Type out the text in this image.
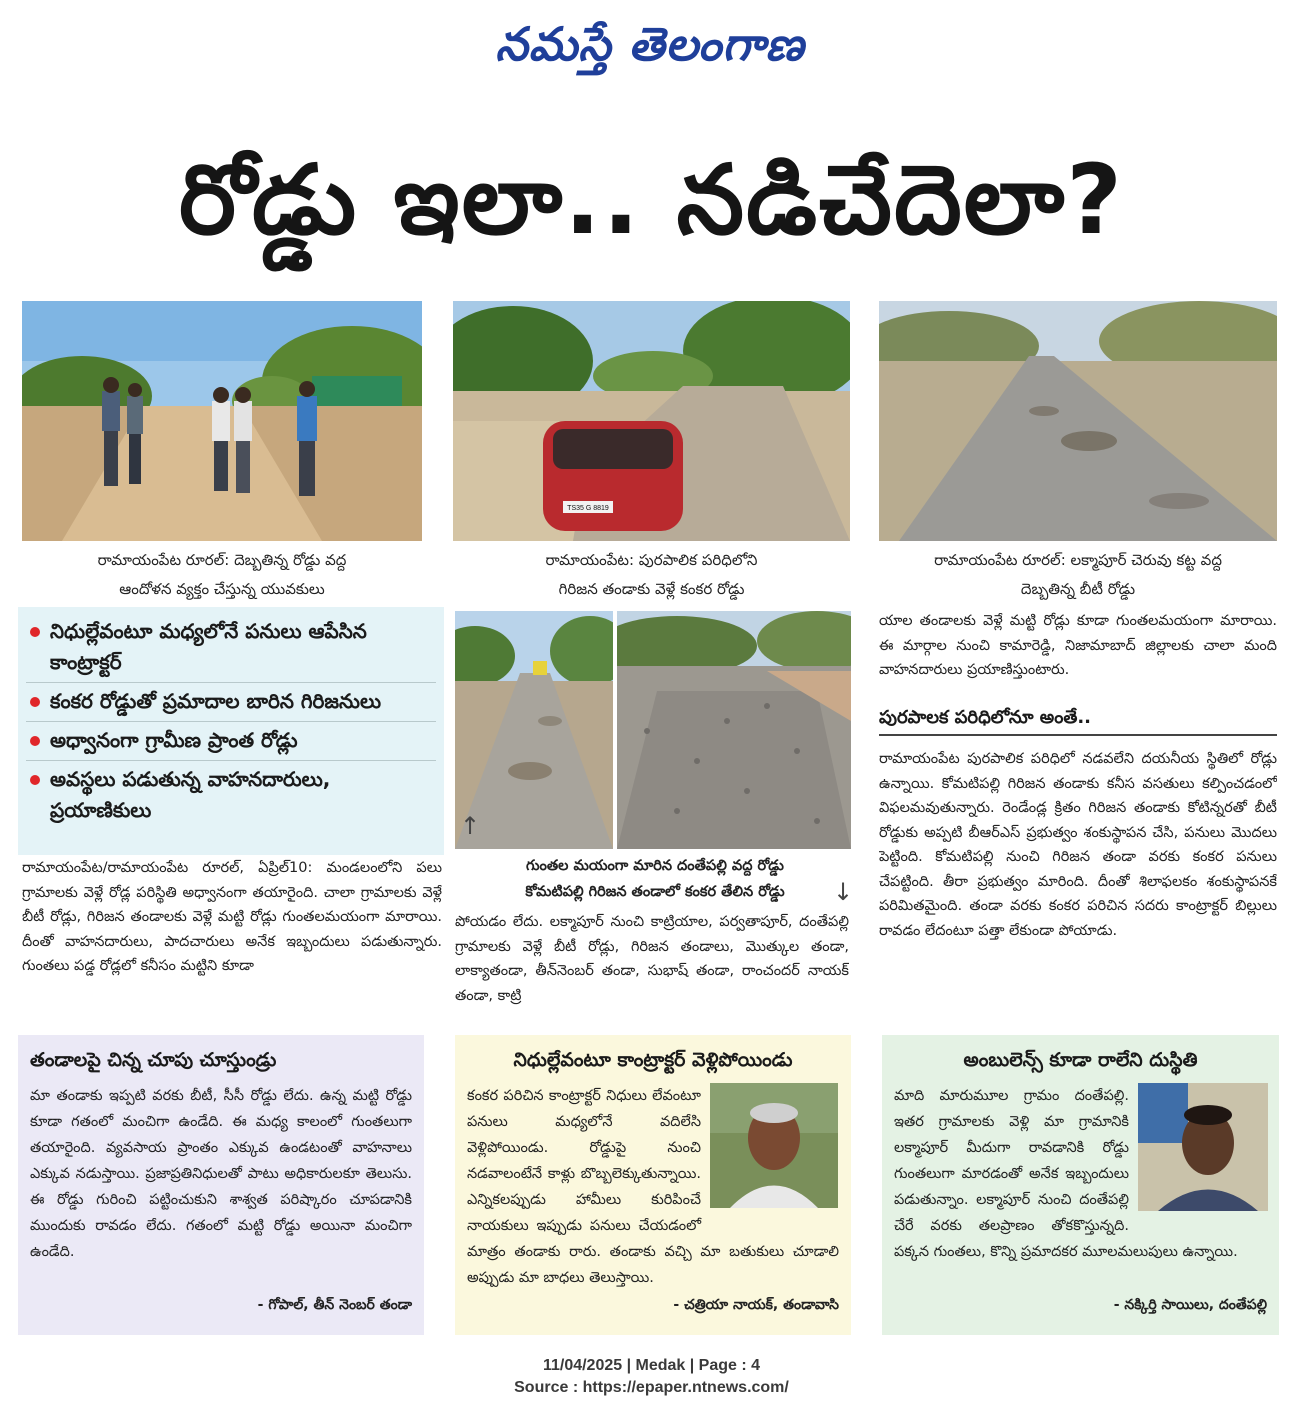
నమస్తే తెలంగాణ
రోడ్డు ఇలా.. నడిచేదెలా?
రామాయంపేట రూరల్: దెబ్బతిన్న రోడ్డు వద్ద
ఆందోళన వ్యక్తం చేస్తున్న యువకులు
TS35 G 8819
రామాయంపేట: పురపాలిక పరిధిలోని
గిరిజన తండాకు వెళ్లే కంకర రోడ్డు
రామాయంపేట రూరల్: లక్మాపూర్ చెరువు కట్ట వద్ద
దెబ్బతిన్న బీటీ రోడ్డు
నిధుల్లేవంటూ మధ్యలోనే పనులు ఆపేసిన కాంట్రాక్టర్
కంకర రోడ్డుతో ప్రమాదాల బారిన గిరిజనులు
అధ్వానంగా గ్రామీణ ప్రాంత రోడ్లు
అవస్థలు పడుతున్న వాహనదారులు, ప్రయాణికులు
↑
↓
గుంతల మయంగా మారిన దంతేపల్లి వద్ద రోడ్డు
కోమటిపల్లి గిరిజన తండాలో కంకర తేలిన రోడ్డు
రామాయంపేట/రామాయంపేట రూరల్, ఏప్రిల్10: మండలంలోని పలు గ్రామాలకు వెళ్లే రోడ్ల పరిస్థితి అధ్వానంగా తయారైంది. చాలా గ్రామాలకు వెళ్లే బీటీ రోడ్లు, గిరిజన తండాలకు వెళ్లే మట్టి రోడ్లు గుంతలమయంగా మారాయి. దీంతో వాహనదారులు, పాదచారులు అనేక ఇబ్బందులు పడుతున్నారు. గుంతలు పడ్డ రోడ్లలో కనీసం మట్టిని కూడా
పోయడం లేదు. లక్మాపూర్ నుంచి కాట్రియాల, పర్వతాపూర్, దంతేపల్లి గ్రామాలకు వెళ్లే బీటీ రోడ్లు, గిరిజన తండాలు, మొత్కుల తండా, లాక్యాతండా, తీన్‌నెంబర్ తండా, సుభాష్ తండా, రాంచందర్ నాయక్ తండా, కాట్రి
యాల తండాలకు వెళ్లే మట్టి రోడ్లు కూడా గుంతలమయంగా మారాయి. ఈ మార్గాల నుంచి కామారెడ్డి, నిజామాబాద్ జిల్లాలకు చాలా మంది వాహనదారులు ప్రయాణిస్తుంటారు.
పురపాలక పరిధిలోనూ అంతే..
రామాయంపేట పురపాలిక పరిధిలో నడవలేని దయనీయ స్థితిలో రోడ్లు ఉన్నాయి. కోమటిపల్లి గిరిజన తండాకు కనీస వసతులు కల్పించడంలో విఫలమవుతున్నారు. రెండేండ్ల క్రితం గిరిజన తండాకు కోటిన్నరతో బీటీ రోడ్డుకు అప్పటి బీఆర్‌ఎస్ ప్రభుత్వం శంకుస్థాపన చేసి, పనులు మొదలు పెట్టింది. కోమటిపల్లి నుంచి గిరిజన తండా వరకు కంకర పనులు చేపట్టింది. తీరా ప్రభుత్వం మారింది. దీంతో శిలాఫలకం శంకుస్థాపనకే పరిమితమైంది. తండా వరకు కంకర పరిచిన సదరు కాంట్రాక్టర్ బిల్లులు రావడం లేదంటూ పత్తా లేకుండా పోయాడు.
తండాలపై చిన్న చూపు చూస్తుండ్రు
మా తండాకు ఇప్పటి వరకు బీటీ, సీసీ రోడ్డు లేదు. ఉన్న మట్టి రోడ్డు కూడా గతంలో మంచిగా ఉండేది. ఈ మధ్య కాలంలో గుంతలుగా తయారైంది. వ్యవసాయ ప్రాంతం ఎక్కువ ఉండటంతో వాహనాలు ఎక్కువ నడుస్తాయి. ప్రజాప్రతినిధులతో పాటు అధికారులకూ తెలుసు. ఈ రోడ్డు గురించి పట్టించుకుని శాశ్వత పరిష్కారం చూపడానికి ముందుకు రావడం లేదు. గతంలో మట్టి రోడ్డు అయినా మంచిగా ఉండేది.
- గోపాల్, తీన్ నెంబర్ తండా
నిధుల్లేవంటూ కాంట్రాక్టర్ వెళ్లిపోయిండు
కంకర పరిచిన కాంట్రాక్టర్ నిధులు లేవంటూ పనులు మధ్యలోనే వదిలేసి వెళ్లిపోయిండు. రోడ్డుపై నుంచి నడవాలంటేనే కాళ్లు బొబ్బలెక్కుతున్నాయి. ఎన్నికలప్పుడు హామీలు కురిపించే నాయకులు ఇప్పుడు పనులు చేయడంలో మాత్రం తండాకు రారు. తండాకు వచ్చి మా బతుకులు చూడాలి అప్పుడు మా బాధలు తెలుస్తాయి.
- చత్రియా నాయక్, తండావాసి
అంబులెన్స్ కూడా రాలేని దుస్థితి
మాది మారుమూల గ్రామం దంతేపల్లి. ఇతర గ్రామాలకు వెళ్లి మా గ్రామానికి లక్మాపూర్ మీదుగా రావడానికి రోడ్డు గుంతలుగా మారడంతో అనేక ఇబ్బందులు పడుతున్నాం. లక్మాపూర్ నుంచి దంతేపల్లి చేరే వరకు తలప్రాణం తోకకొస్తున్నది. పక్కన గుంతలు, కొన్ని ప్రమాదకర మూలమలుపులు ఉన్నాయి.
- నక్కిర్తి సాయిలు, దంతేపల్లి
11/04/2025 | Medak | Page : 4
Source : https://epaper.ntnews.com/
